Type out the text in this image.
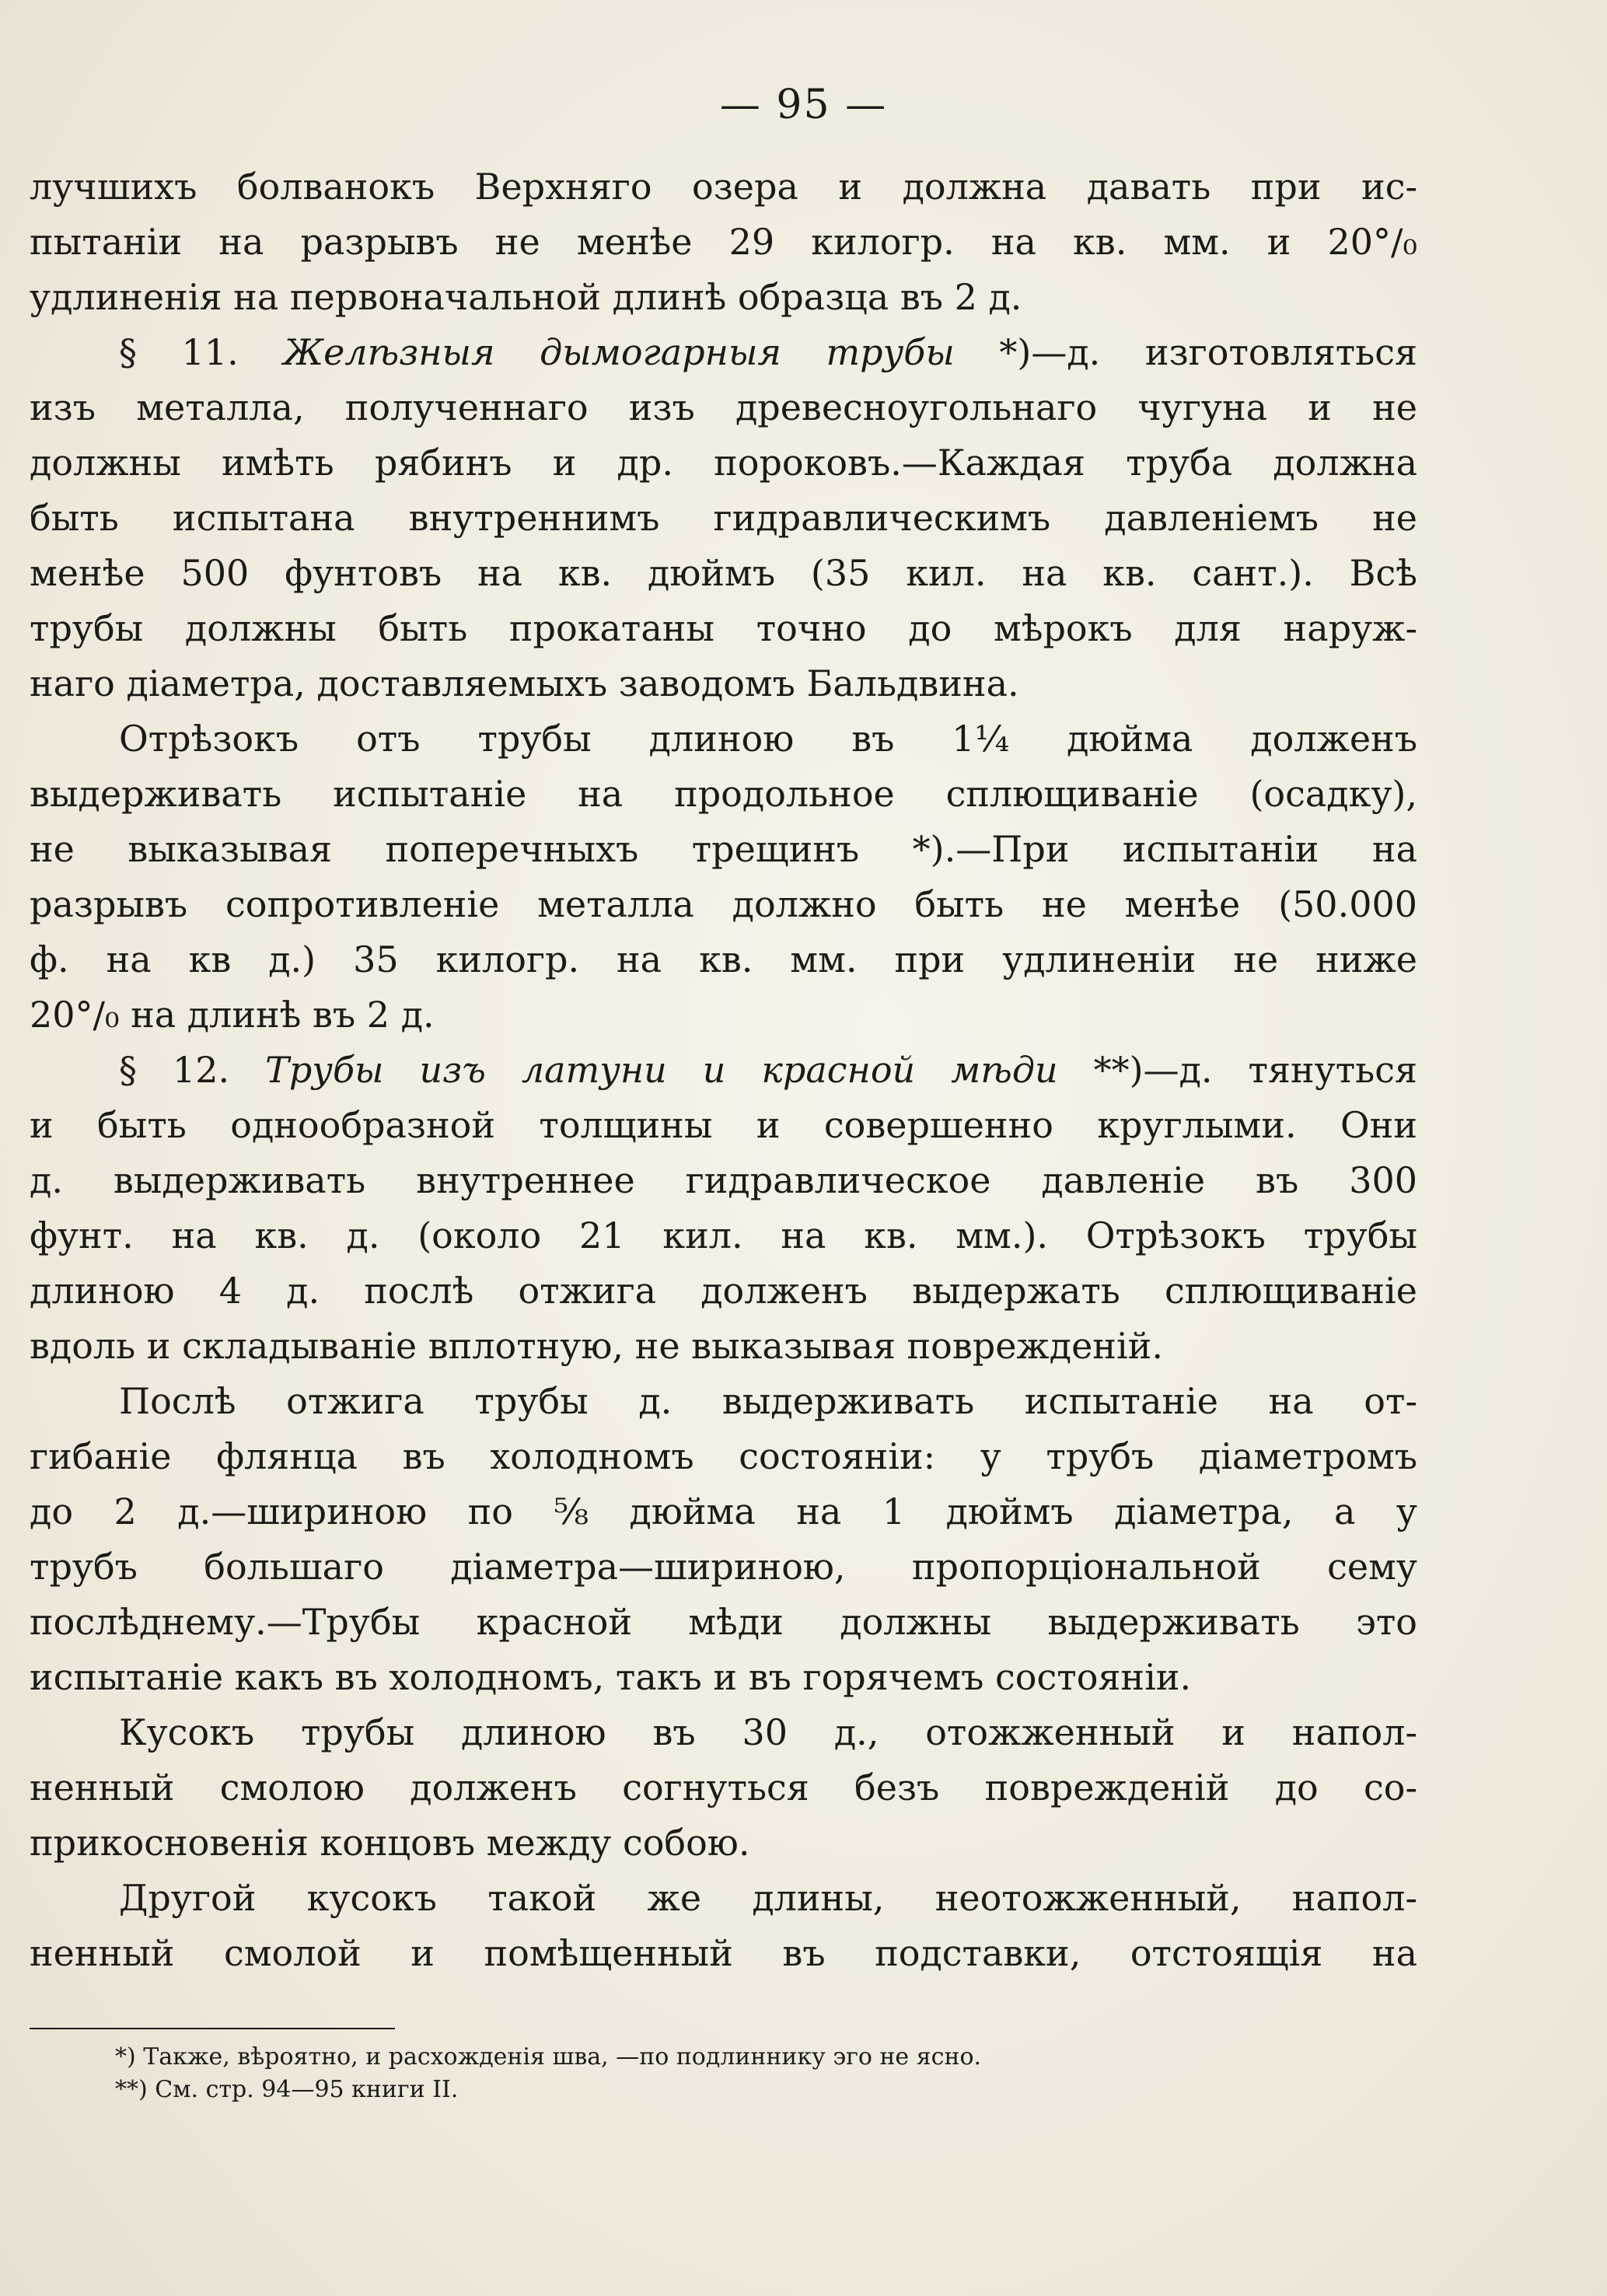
— 95 —
лучшихъ болванокъ Верхняго озера и должна давать при ис-
пытанiи на разрывъ не менѣе 29 килогр. на кв. мм. и 20°/₀
удлиненiя на первоначальной длинѣ образца въ 2 д.
§ 11. Желѣзныя дымогарныя трубы *)—д. изготовляться
изъ металла, полученнаго изъ древесноугольнаго чугуна и не
должны имѣть рябинъ и др. пороковъ.—Каждая труба должна
быть испытана внутреннимъ гидравлическимъ давленiемъ не
менѣе 500 фунтовъ на кв. дюймъ (35 кил. на кв. сант.). Всѣ
трубы должны быть прокатаны точно до мѣрокъ для наруж-
наго дiаметра, доставляемыхъ заводомъ Бальдвина.
Отрѣзокъ отъ трубы длиною въ 1¼ дюйма долженъ
выдерживать испытанiе на продольное сплющиванiе (осадку),
не выказывая поперечныхъ трещинъ *).—При испытанiи на
разрывъ сопротивленiе металла должно быть не менѣе (50.000
ф. на кв д.) 35 килогр. на кв. мм. при удлиненiи не ниже
20°/₀ на длинѣ въ 2 д.
§ 12. Трубы изъ латуни и красной мѣди **)—д. тянуться
и быть однообразной толщины и совершенно круглыми. Они
д. выдерживать внутреннее гидравлическое давленiе въ 300
фунт. на кв. д. (около 21 кил. на кв. мм.). Отрѣзокъ трубы
длиною 4 д. послѣ отжига долженъ выдержать сплющиванiе
вдоль и складыванiе вплотную, не выказывая поврежденiй.
Послѣ отжига трубы д. выдерживать испытанiе на от-
гибанiе флянца въ холодномъ состоянiи: у трубъ дiаметромъ
до 2 д.—шириною по ⅝ дюйма на 1 дюймъ дiаметра, а у
трубъ большаго дiаметра—шириною, пропорцiональной сему
послѣднему.—Трубы красной мѣди должны выдерживать это
испытанiе какъ въ холодномъ, такъ и въ горячемъ состоянiи.
Кусокъ трубы длиною въ 30 д., отожженный и напол-
ненный смолою долженъ согнуться безъ поврежденiй до со-
прикосновенiя концовъ между собою.
Другой кусокъ такой же длины, неотожженный, напол-
ненный смолой и помѣщенный въ подставки, отстоящiя на
*) Также, вѣроятно, и расхожденiя шва, —по подлиннику эго не ясно.
**) См. стр. 94—95 книги II.
